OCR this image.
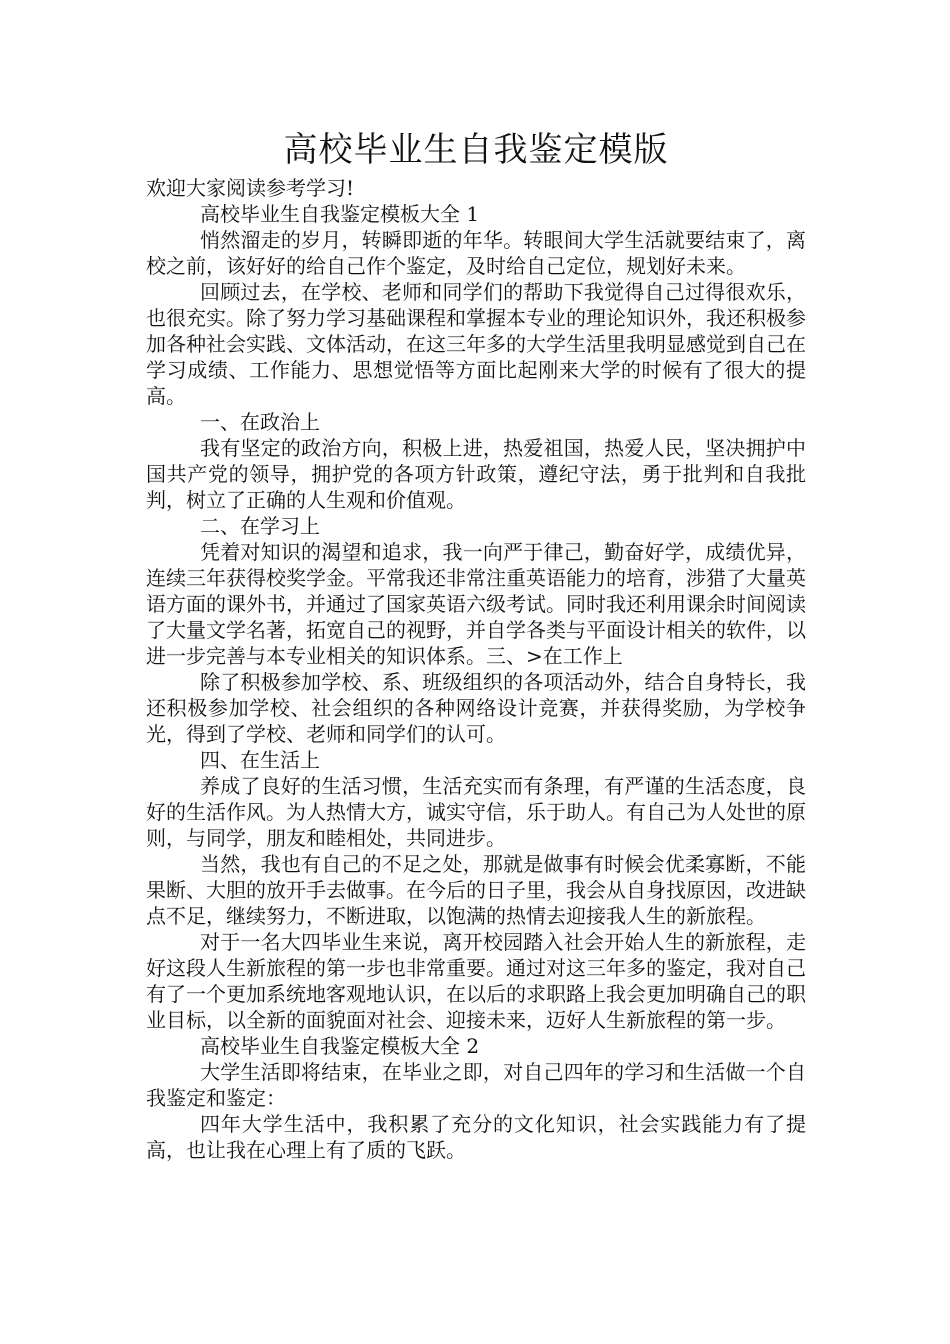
高校毕业生自我鉴定模版

欢迎大家阅读参考学习!

高校毕业生自我鉴定模板大全 1

悄然溜走的岁月，转瞬即逝的年华。转眼间大学生活就要结束了，离校之前，该好好的给自己作个鉴定，及时给自己定位，规划好未来。

回顾过去，在学校、老师和同学们的帮助下我觉得自己过得很欢乐，也很充实。除了努力学习基础课程和掌握本专业的理论知识外，我还积极参加各种社会实践、文体活动，在这三年多的大学生活里我明显感觉到自己在学习成绩、工作能力、思想觉悟等方面比起刚来大学的时候有了很大的提高。

一、在政治上

我有坚定的政治方向，积极上进，热爱祖国，热爱人民，坚决拥护中国共产党的领导，拥护党的各项方针政策，遵纪守法，勇于批判和自我批判，树立了正确的人生观和价值观。

二、在学习上

凭着对知识的渴望和追求，我一向严于律己，勤奋好学，成绩优异，连续三年获得校奖学金。平常我还非常注重英语能力的培育，涉猎了大量英语方面的课外书，并通过了国家英语六级考试。同时我还利用课余时间阅读了大量文学名著，拓宽自己的视野，并自学各类与平面设计相关的软件，以进一步完善与本专业相关的知识体系。三、>在工作上

除了积极参加学校、系、班级组织的各项活动外，结合自身特长，我还积极参加学校、社会组织的各种网络设计竞赛，并获得奖励，为学校争光，得到了学校、老师和同学们的认可。

四、在生活上

养成了良好的生活习惯，生活充实而有条理，有严谨的生活态度，良好的生活作风。为人热情大方，诚实守信，乐于助人。有自己为人处世的原则，与同学，朋友和睦相处，共同进步。

当然，我也有自己的不足之处，那就是做事有时候会优柔寡断，不能果断、大胆的放开手去做事。在今后的日子里，我会从自身找原因，改进缺点不足，继续努力，不断进取，以饱满的热情去迎接我人生的新旅程。

对于一名大四毕业生来说，离开校园踏入社会开始人生的新旅程，走好这段人生新旅程的第一步也非常重要。通过对这三年多的鉴定，我对自己有了一个更加系统地客观地认识，在以后的求职路上我会更加明确自己的职业目标，以全新的面貌面对社会、迎接未来，迈好人生新旅程的第一步。

高校毕业生自我鉴定模板大全 2

大学生活即将结束，在毕业之即，对自己四年的学习和生活做一个自我鉴定和鉴定：

四年大学生活中，我积累了充分的文化知识，社会实践能力有了提高，也让我在心理上有了质的飞跃。
